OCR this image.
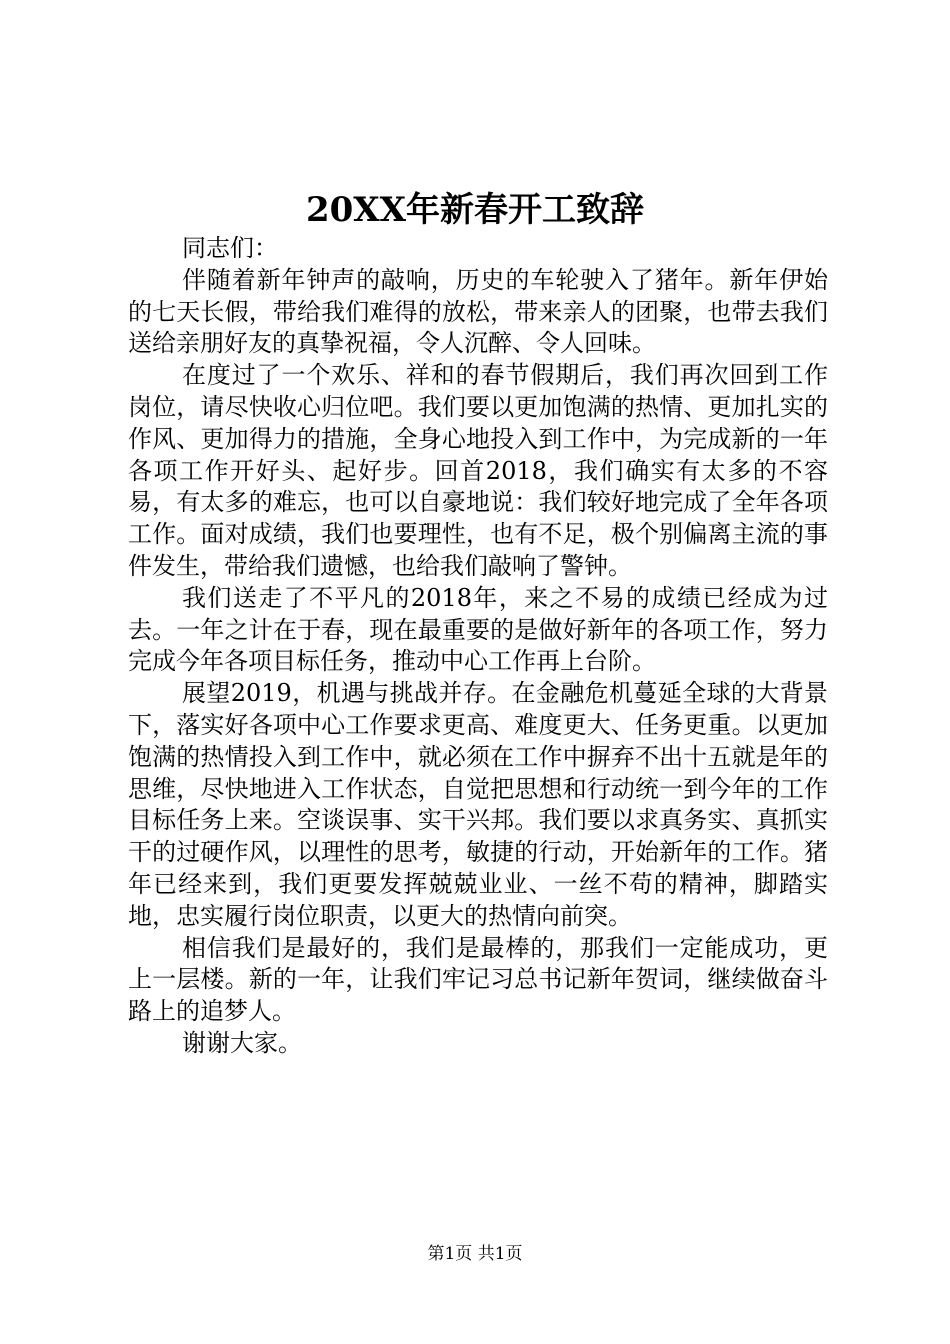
20XX年新春开工致辞

同志们：

伴随着新年钟声的敲响，历史的车轮驶入了猪年。新年伊始的七天长假，带给我们难得的放松，带来亲人的团聚，也带去我们送给亲朋好友的真挚祝福，令人沉醉、令人回味。

在度过了一个欢乐、祥和的春节假期后，我们再次回到工作岗位，请尽快收心归位吧。我们要以更加饱满的热情、更加扎实的作风、更加得力的措施，全身心地投入到工作中，为完成新的一年各项工作开好头、起好步。回首2018，我们确实有太多的不容易，有太多的难忘，也可以自豪地说：我们较好地完成了全年各项工作。面对成绩，我们也要理性，也有不足，极个别偏离主流的事件发生，带给我们遗憾，也给我们敲响了警钟。

我们送走了不平凡的2018年，来之不易的成绩已经成为过去。一年之计在于春，现在最重要的是做好新年的各项工作，努力完成今年各项目标任务，推动中心工作再上台阶。

展望2019，机遇与挑战并存。在金融危机蔓延全球的大背景下，落实好各项中心工作要求更高、难度更大、任务更重。以更加饱满的热情投入到工作中，就必须在工作中摒弃不出十五就是年的思维，尽快地进入工作状态，自觉把思想和行动统一到今年的工作目标任务上来。空谈误事、实干兴邦。我们要以求真务实、真抓实干的过硬作风，以理性的思考，敏捷的行动，开始新年的工作。猪年已经来到，我们更要发挥兢兢业业、一丝不苟的精神，脚踏实地，忠实履行岗位职责，以更大的热情向前突。

相信我们是最好的，我们是最棒的，那我们一定能成功，更上一层楼。新的一年，让我们牢记习总书记新年贺词，继续做奋斗路上的追梦人。

谢谢大家。

第1页 共1页
